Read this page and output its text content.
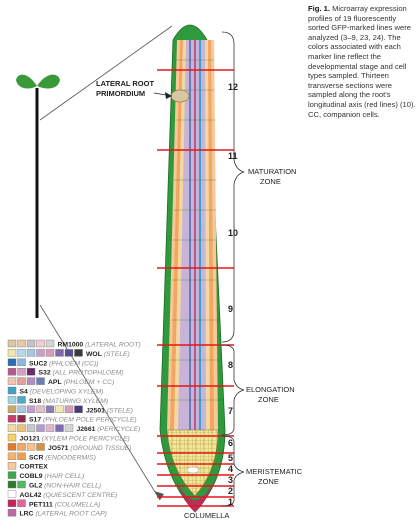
12
11
10
9
8
7
6
5
4
3
2
1
MATURATION
ZONE
ELONGATION
ZONE
MERISTEMATIC
ZONE
LATERAL ROOT
PRIMORDIUM
COLUMELLA
RM1000 (LATERAL ROOT)
WOL (STELE)
SUC2 (PHLOEM (CC))
S32 (ALL PROTOPHLOEM)
APL (PHLOEM + CC)
S4 (DEVELOPING XYLEM)
S18 (MATURING XYLEM)
J2501 (STELE)
S17 (PHLOEM POLE PERICYCLE)
J2661 (PERICYCLE)
JO121 (XYLEM POLE PERICYCLE)
JO571 (GROUND TISSUE)
SCR (ENDODERMIS)
CORTEX
COBL9 (HAIR CELL)
GL2 (NON-HAIR CELL)
AGL42 (QUIESCENT CENTRE)
PET111 (COLUMELLA)
LRC (LATERAL ROOT CAP)
Fig. 1. Microarray expression profiles of 19 fluorescently sorted GFP-marked lines were analyzed (3–9, 23, 24). The colors associated with each marker line reflect the developmental stage and cell types sampled. Thirteen transverse sections were sampled along the root's longitudinal axis (red lines) (10). CC, companion cells.
